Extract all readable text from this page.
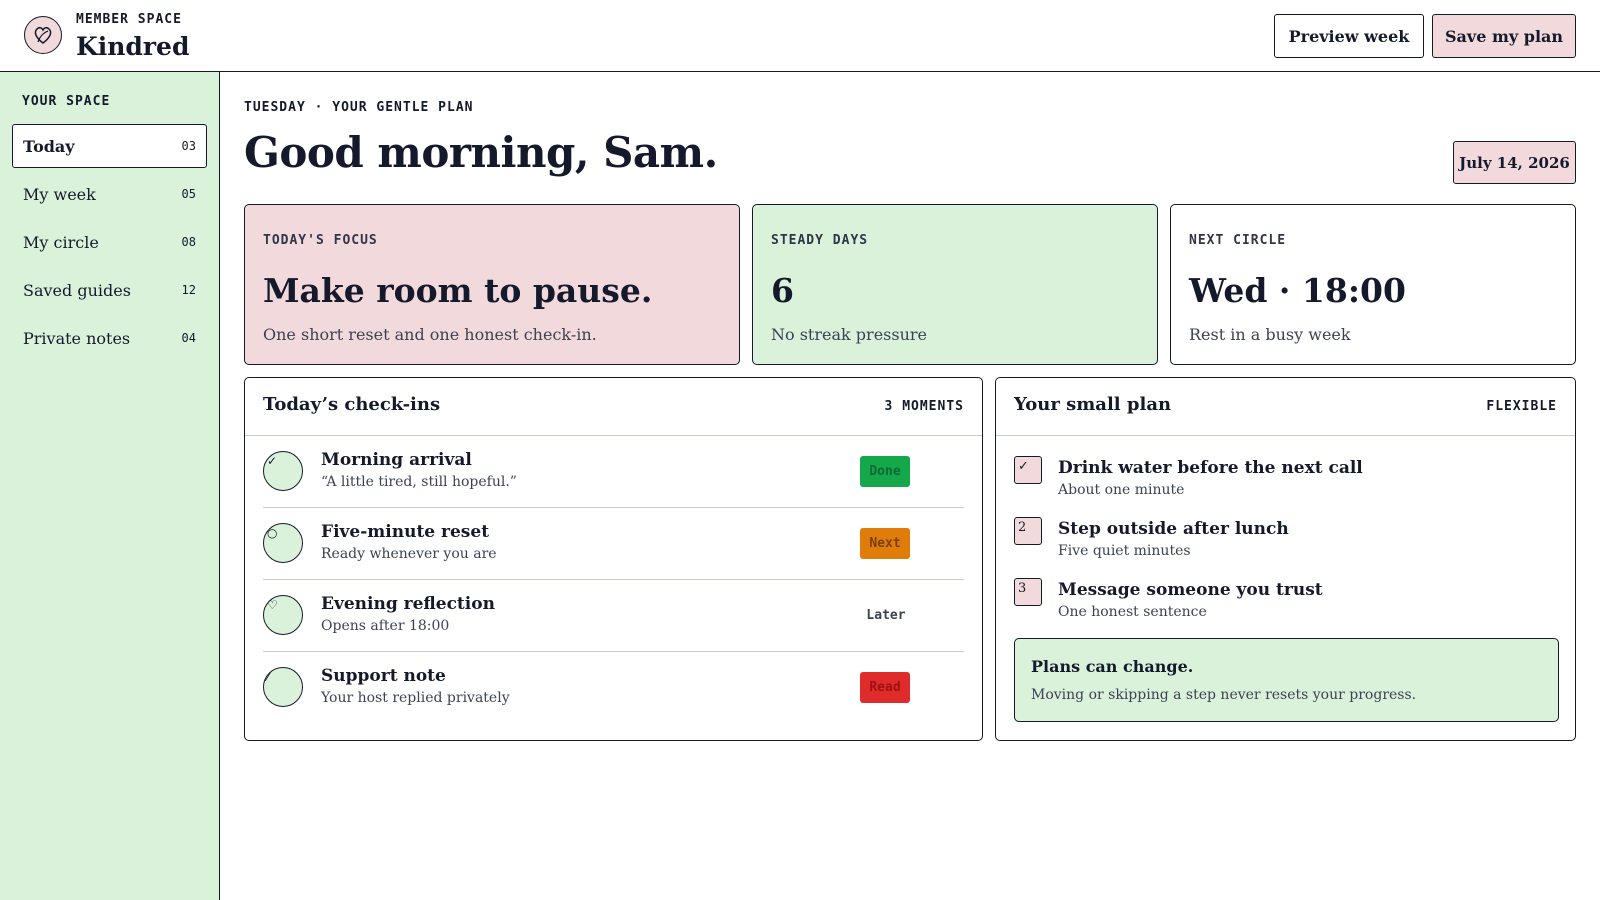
MEMBER SPACE
Kindred	Preview week	Save my plan
YOUR SPACE
Today	03
My week	05
My circle	08
Saved guides	12
Private notes	04
TUESDAY · YOUR GENTLE PLAN
Good morning, Sam.	July 14, 2026
TODAY'S FOCUS
Make room to pause.
One short reset and one honest check-in.
STEADY DAYS
6
No streak pressure
NEXT CIRCLE
Wed · 18:00
Rest in a busy week
Today’s check-ins	3 MOMENTS
✓	Morning arrival
“A little tired, still hopeful.”
Done
○	Five-minute reset
Ready whenever you are
Next
♡	Evening reflection
Opens after 18:00
Later
⁄	Support note
Your host replied privately
Read
Your small plan	FLEXIBLE
✓	Drink water before the next call
About one minute
2	Step outside after lunch
Five quiet minutes
3	Message someone you trust
One honest sentence
Plans can change.
Moving or skipping a step never resets your progress.
